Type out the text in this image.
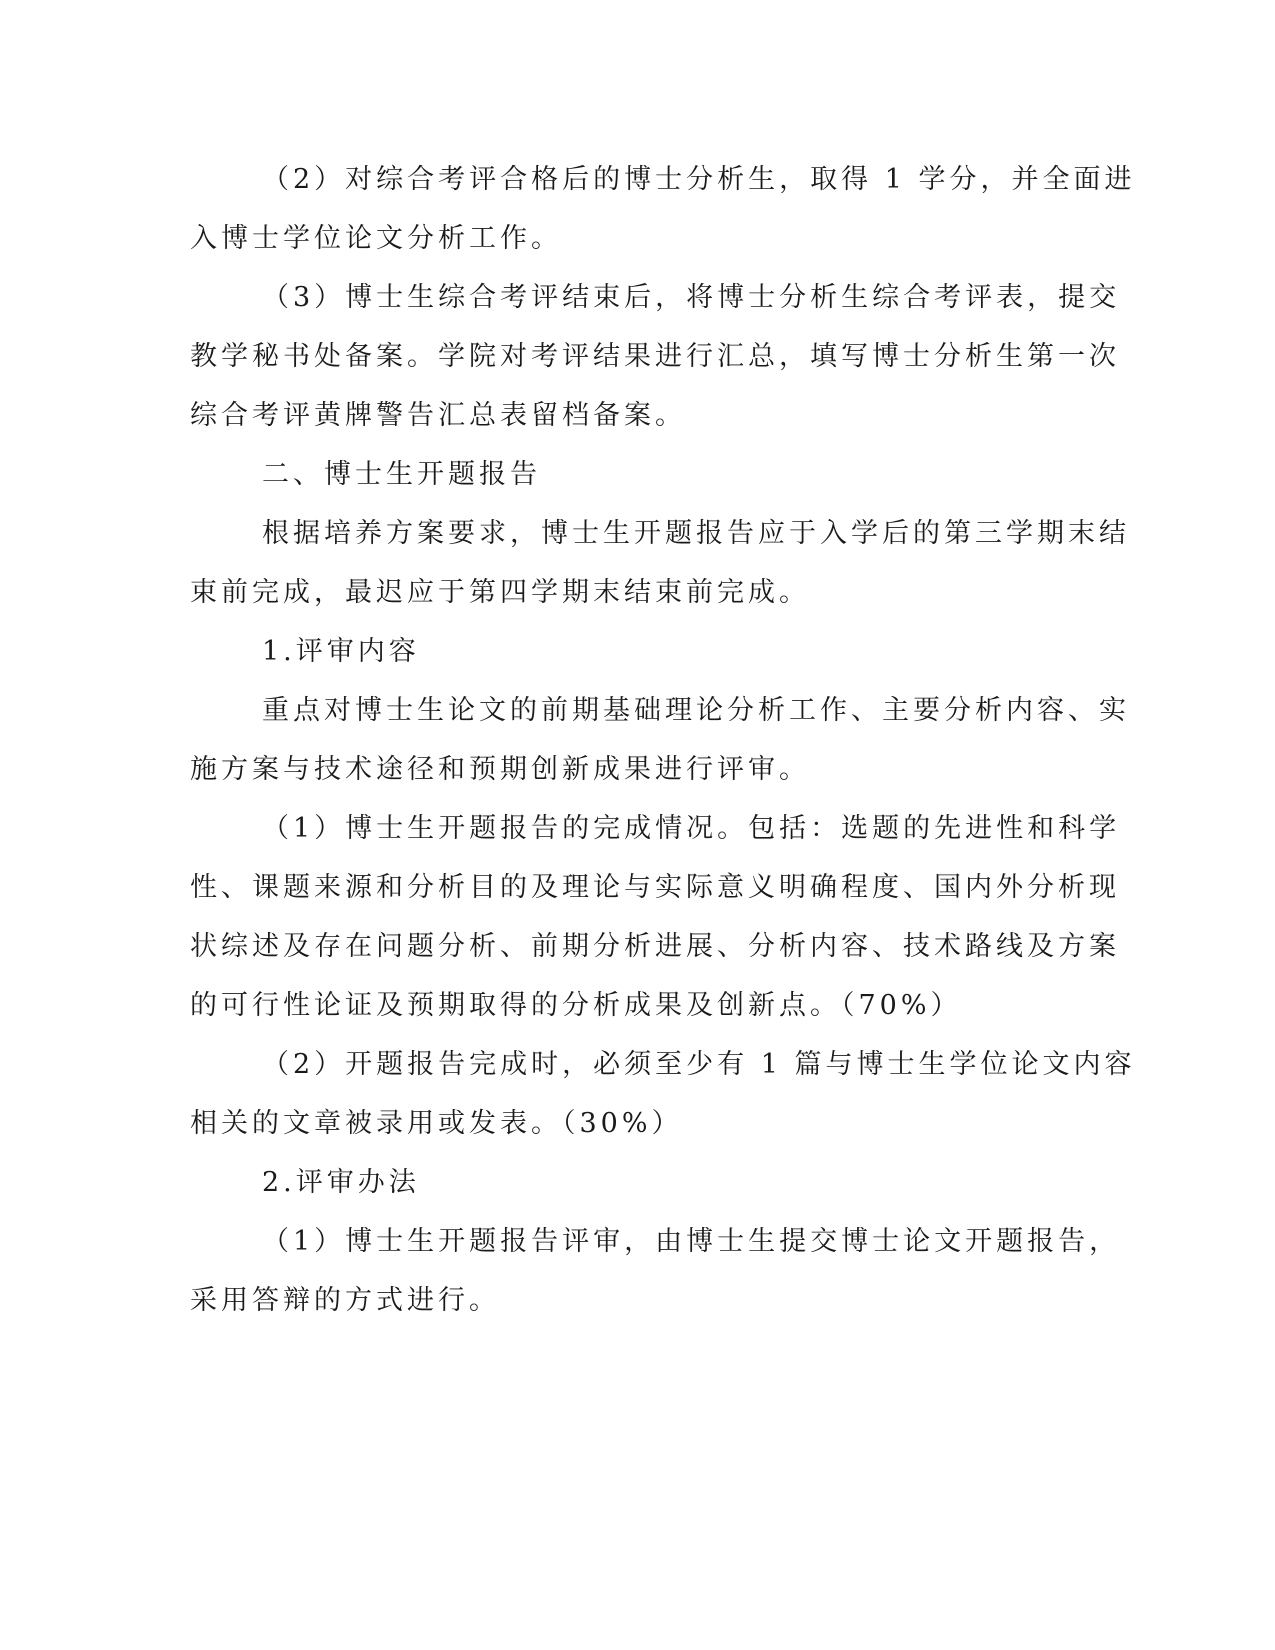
（2）对综合考评合格后的博士分析生，取得 1 学分，并全面进

入博士学位论文分析工作。

（3）博士生综合考评结束后，将博士分析生综合考评表，提交

教学秘书处备案。学院对考评结果进行汇总，填写博士分析生第一次

综合考评黄牌警告汇总表留档备案。

二、博士生开题报告

根据培养方案要求，博士生开题报告应于入学后的第三学期末结

束前完成，最迟应于第四学期末结束前完成。

1.评审内容

重点对博士生论文的前期基础理论分析工作、主要分析内容、实

施方案与技术途径和预期创新成果进行评审。

（1）博士生开题报告的完成情况。包括：选题的先进性和科学

性、课题来源和分析目的及理论与实际意义明确程度、国内外分析现

状综述及存在问题分析、前期分析进展、分析内容、技术路线及方案

的可行性论证及预期取得的分析成果及创新点。（70%）

（2）开题报告完成时，必须至少有 1 篇与博士生学位论文内容

相关的文章被录用或发表。（30%）

2.评审办法

（1）博士生开题报告评审，由博士生提交博士论文开题报告，

采用答辩的方式进行。
